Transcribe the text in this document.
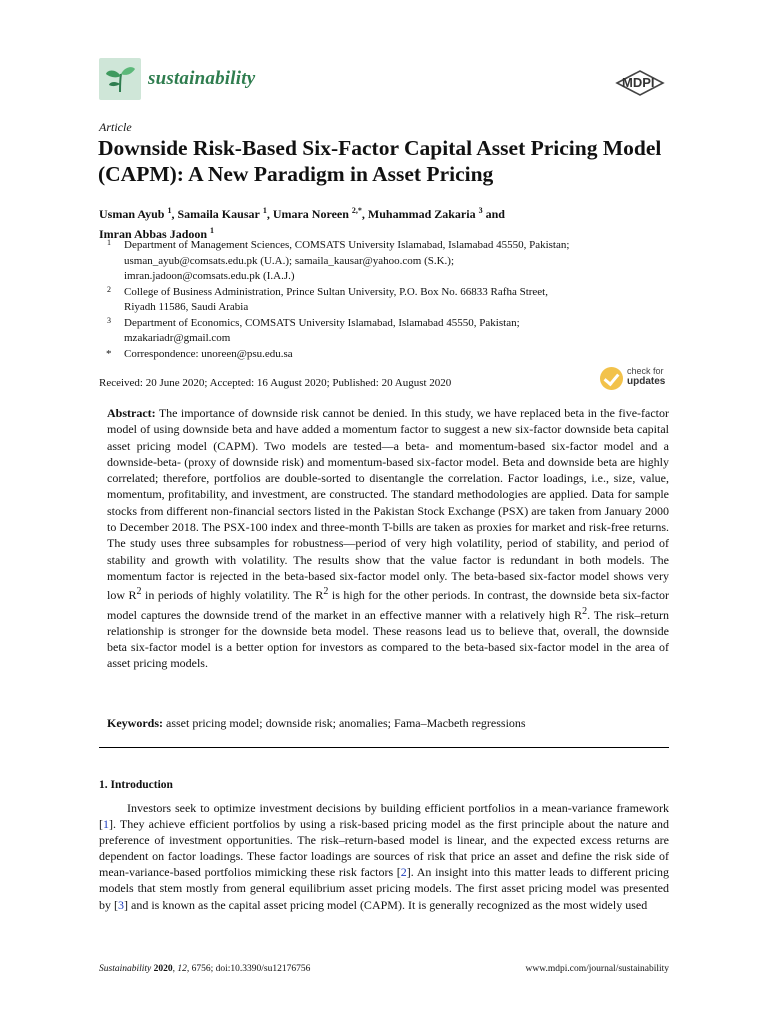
sustainability	MDPI
Article
Downside Risk-Based Six-Factor Capital Asset Pricing Model (CAPM): A New Paradigm in Asset Pricing
Usman Ayub $^1$, Samaila Kausar $^1$, Umara Noreen $^{2,*}$, Muhammad Zakaria $^3$ and
Imran Abbas Jadoon $^1$
1 Department of Management Sciences, COMSATS University Islamabad, Islamabad 45550, Pakistan;
usman_ayub@comsats.edu.pk (U.A.); samaila_kausar@yahoo.com (S.K.);
imran.jadoon@comsats.edu.pk (I.A.J.)
2 College of Business Administration, Prince Sultan University, P.O. Box No. 66833 Rafha Street,
Riyadh 11586, Saudi Arabia
3 Department of Economics, COMSATS University Islamabad, Islamabad 45550, Pakistan;
mzakariadr@gmail.com
* Correspondence: unoreen@psu.edu.sa
Received: 20 June 2020; Accepted: 16 August 2020; Published: 20 August 2020
check for
updates
Abstract: The importance of downside risk cannot be denied. In this study, we have replaced beta in the five-factor model of using downside beta and have added a momentum factor to suggest a new six-factor downside beta capital asset pricing model (CAPM). Two models are tested—a beta- and momentum-based six-factor model and a downside-beta- (proxy of downside risk) and momentum-based six-factor model. Beta and downside beta are highly correlated; therefore, portfolios are double-sorted to disentangle the correlation. Factor loadings, i.e., size, value, momentum, profitability, and investment, are constructed. The standard methodologies are applied. Data for sample stocks from different non-financial sectors listed in the Pakistan Stock Exchange (PSX) are taken from January 2000 to December 2018. The PSX-100 index and three-month T-bills are taken as proxies for market and risk-free returns. The study uses three subsamples for robustness—period of very high volatility, period of stability, and period of stability and growth with volatility. The results show that the value factor is redundant in both models. The momentum factor is rejected in the beta-based six-factor model only. The beta-based six-factor model shows very low $R^2$ in periods of highly volatility. The $R^2$ is high for the other periods. In contrast, the downside beta six-factor model captures the downside trend of the market in an effective manner with a relatively high $R^2$. The risk–return relationship is stronger for the downside beta model. These reasons lead us to believe that, overall, the downside beta six-factor model is a better option for investors as compared to the beta-based six-factor model in the area of asset pricing models.
Keywords: asset pricing model; downside risk; anomalies; Fama–Macbeth regressions
1. Introduction
Investors seek to optimize investment decisions by building efficient portfolios in a mean-variance framework [1]. They achieve efficient portfolios by using a risk-based pricing model as the first principle about the nature and preference of investment opportunities. The risk–return-based model is linear, and the expected excess returns are dependent on factor loadings. These factor loadings are sources of risk that price an asset and define the risk side of mean-variance-based portfolios mimicking these risk factors [2]. An insight into this matter leads to different pricing models that stem mostly from general equilibrium asset pricing models. The first asset pricing model was presented by [3] and is known as the capital asset pricing model (CAPM). It is generally recognized as the most widely used
Sustainability 2020, 12, 6756; doi:10.3390/su12176756	www.mdpi.com/journal/sustainability
